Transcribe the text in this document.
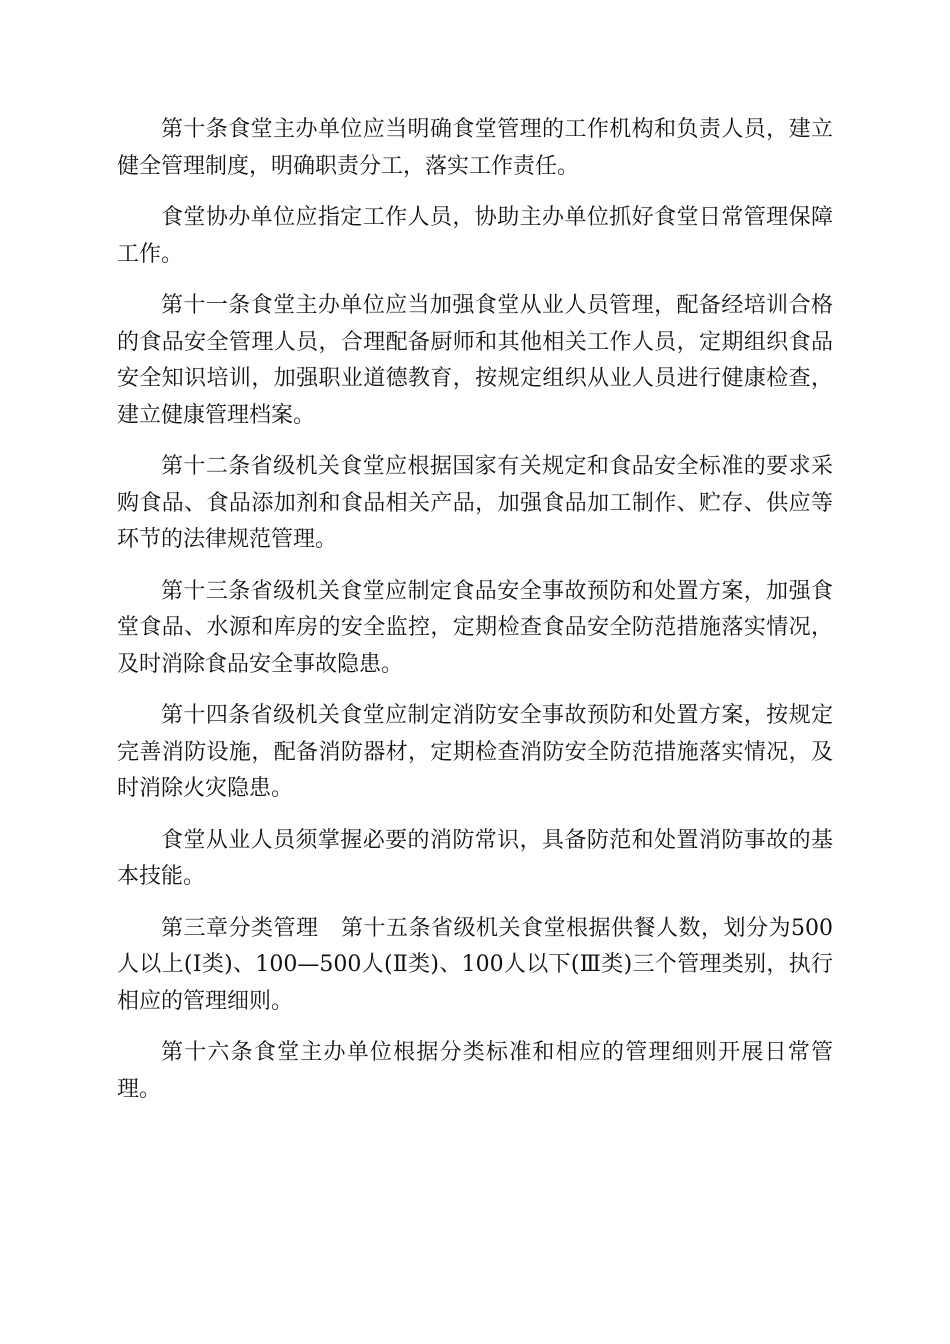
第十条食堂主办单位应当明确食堂管理的工作机构和负责人员，建立健全管理制度，明确职责分工，落实工作责任。

食堂协办单位应指定工作人员，协助主办单位抓好食堂日常管理保障工作。

第十一条食堂主办单位应当加强食堂从业人员管理，配备经培训合格的食品安全管理人员，合理配备厨师和其他相关工作人员，定期组织食品安全知识培训，加强职业道德教育，按规定组织从业人员进行健康检查，建立健康管理档案。

第十二条省级机关食堂应根据国家有关规定和食品安全标准的要求采购食品、食品添加剂和食品相关产品，加强食品加工制作、贮存、供应等环节的法律规范管理。

第十三条省级机关食堂应制定食品安全事故预防和处置方案，加强食堂食品、水源和库房的安全监控，定期检查食品安全防范措施落实情况，及时消除食品安全事故隐患。

第十四条省级机关食堂应制定消防安全事故预防和处置方案，按规定完善消防设施，配备消防器材，定期检查消防安全防范措施落实情况，及时消除火灾隐患。

食堂从业人员须掌握必要的消防常识，具备防范和处置消防事故的基本技能。

第三章分类管理　第十五条省级机关食堂根据供餐人数，划分为500人以上(Ⅰ类)、100—500人(Ⅱ类)、100人以下(Ⅲ类)三个管理类别，执行相应的管理细则。

第十六条食堂主办单位根据分类标准和相应的管理细则开展日常管理。
